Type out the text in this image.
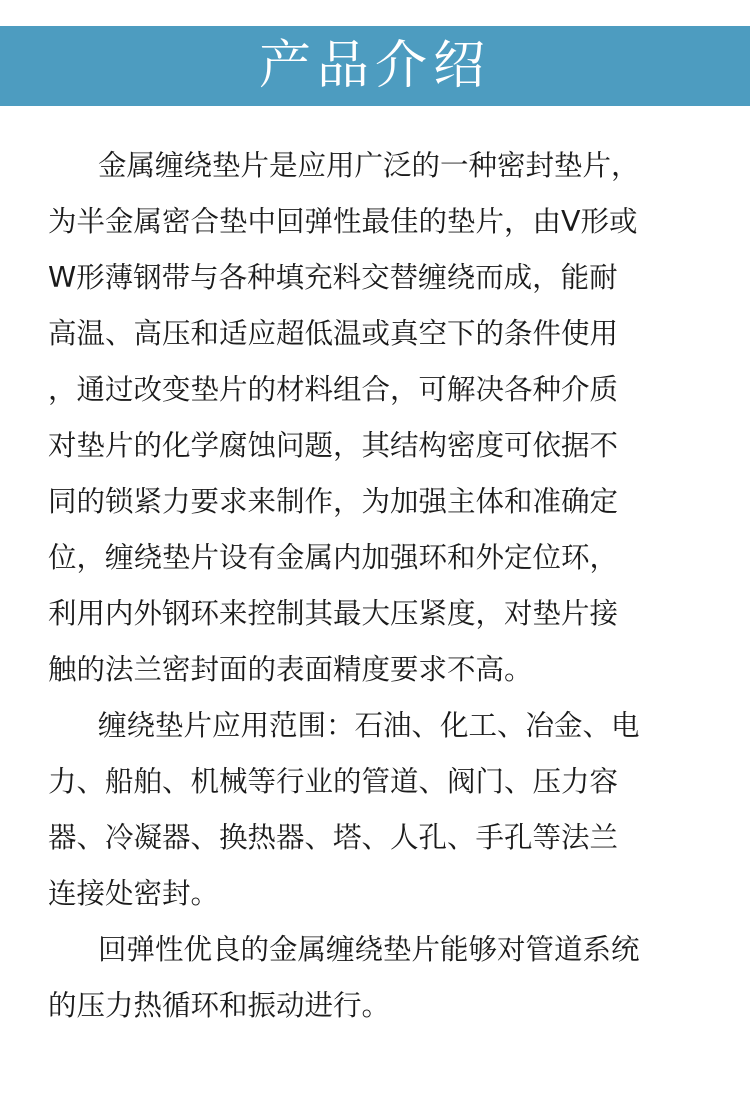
产品介绍
金属缠绕垫片是应用广泛的一种密封垫片，
为半金属密合垫中回弹性最佳的垫片，由V形或
W形薄钢带与各种填充料交替缠绕而成，能耐
高温、高压和适应超低温或真空下的条件使用
，通过改变垫片的材料组合，可解决各种介质
对垫片的化学腐蚀问题，其结构密度可依据不
同的锁紧力要求来制作，为加强主体和准确定
位，缠绕垫片设有金属内加强环和外定位环，
利用内外钢环来控制其最大压紧度，对垫片接
触的法兰密封面的表面精度要求不高。
缠绕垫片应用范围：石油、化工、冶金、电
力、船舶、机械等行业的管道、阀门、压力容
器、冷凝器、换热器、塔、人孔、手孔等法兰
连接处密封。
回弹性优良的金属缠绕垫片能够对管道系统
的压力热循环和振动进行。
